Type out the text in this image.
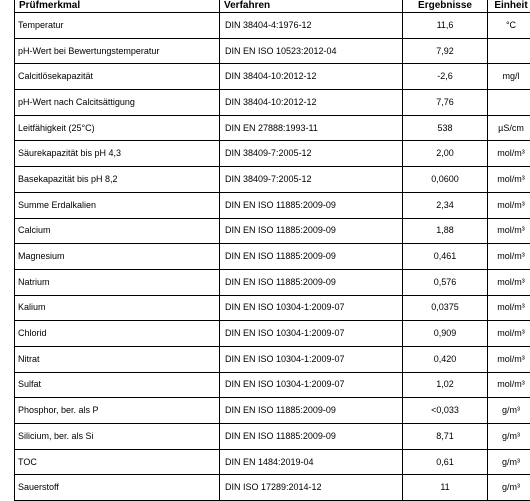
Prüfmerkmal	Verfahren	Ergebnisse	Einheit
Temperatur	DIN 38404-4:1976-12	11,6	°C
pH-Wert bei Bewertungstemperatur	DIN EN ISO 10523:2012-04	7,92	
Calcitlösekapazität	DIN 38404-10:2012-12	-2,6	mg/l
pH-Wert nach Calcitsättigung	DIN 38404-10:2012-12	7,76	
Leitfähigkeit (25°C)	DIN EN 27888:1993-11	538	µS/cm
Säurekapazität bis pH 4,3	DIN 38409-7:2005-12	2,00	mol/m³
Basekapazität bis pH 8,2	DIN 38409-7:2005-12	0,0600	mol/m³
Summe Erdalkalien	DIN EN ISO 11885:2009-09	2,34	mol/m³
Calcium	DIN EN ISO 11885:2009-09	1,88	mol/m³
Magnesium	DIN EN ISO 11885:2009-09	0,461	mol/m³
Natrium	DIN EN ISO 11885:2009-09	0,576	mol/m³
Kalium	DIN EN ISO 10304-1:2009-07	0,0375	mol/m³
Chlorid	DIN EN ISO 10304-1:2009-07	0,909	mol/m³
Nitrat	DIN EN ISO 10304-1:2009-07	0,420	mol/m³
Sulfat	DIN EN ISO 10304-1:2009-07	1,02	mol/m³
Phosphor, ber. als P	DIN EN ISO 11885:2009-09	<0,033	g/m³
Silicium, ber. als Si	DIN EN ISO 11885:2009-09	8,71	g/m³
TOC	DIN EN 1484:2019-04	0,61	g/m³
Sauerstoff	DIN ISO 17289:2014-12	11	g/m³
